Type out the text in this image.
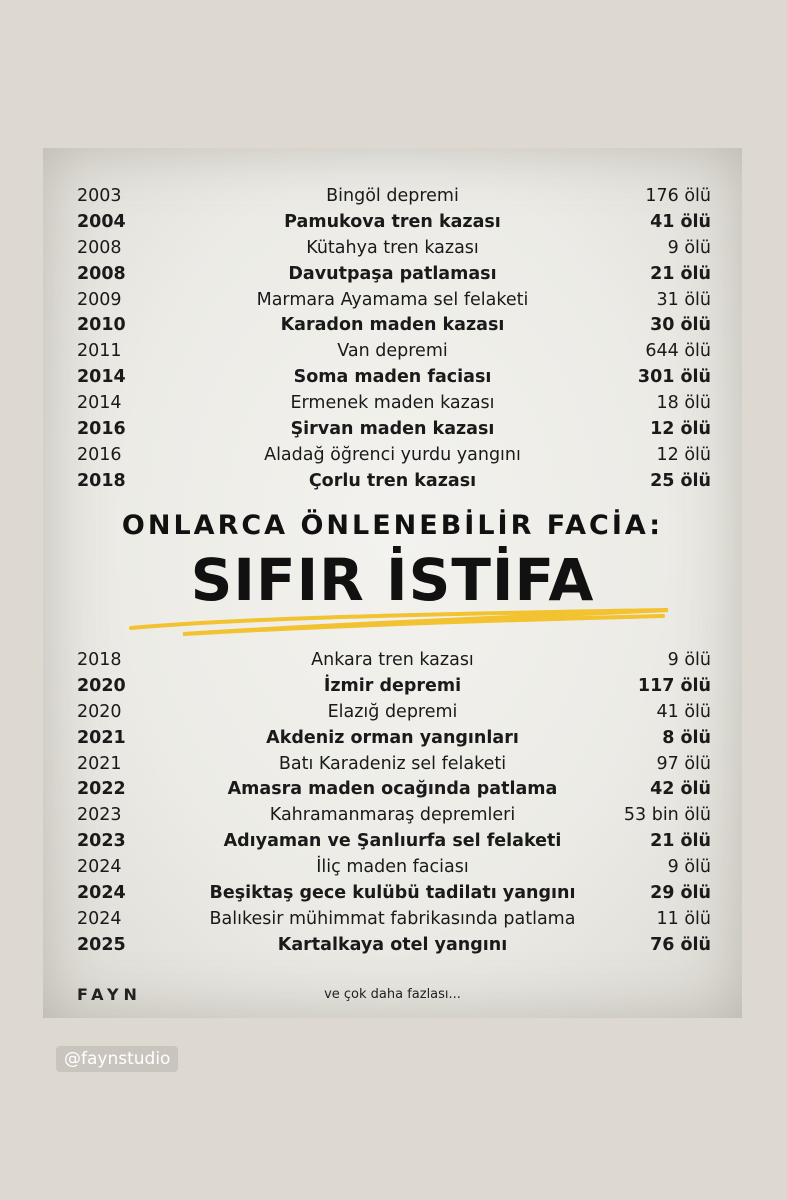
2003	Bingöl depremi	176 ölü
2004	Pamukova tren kazası	41 ölü
2008	Kütahya tren kazası	9 ölü
2008	Davutpaşa patlaması	21 ölü
2009	Marmara Ayamama sel felaketi	31 ölü
2010	Karadon maden kazası	30 ölü
2011	Van depremi	644 ölü
2014	Soma maden faciası	301 ölü
2014	Ermenek maden kazası	18 ölü
2016	Şirvan maden kazası	12 ölü
2016	Aladağ öğrenci yurdu yangını	12 ölü
2018	Çorlu tren kazası	25 ölü
ONLARCA ÖNLENEBİLİR FACİA:
SIFIR İSTİFA
2018	Ankara tren kazası	9 ölü
2020	İzmir depremi	117 ölü
2020	Elazığ depremi	41 ölü
2021	Akdeniz orman yangınları	8 ölü
2021	Batı Karadeniz sel felaketi	97 ölü
2022	Amasra maden ocağında patlama	42 ölü
2023	Kahramanmaraş depremleri	53 bin ölü
2023	Adıyaman ve Şanlıurfa sel felaketi	21 ölü
2024	İliç maden faciası	9 ölü
2024	Beşiktaş gece kulübü tadilatı yangını	29 ölü
2024	Balıkesir mühimmat fabrikasında patlama	11 ölü
2025	Kartalkaya otel yangını	76 ölü
FAYN	ve çok daha fazlası...
@faynstudio
